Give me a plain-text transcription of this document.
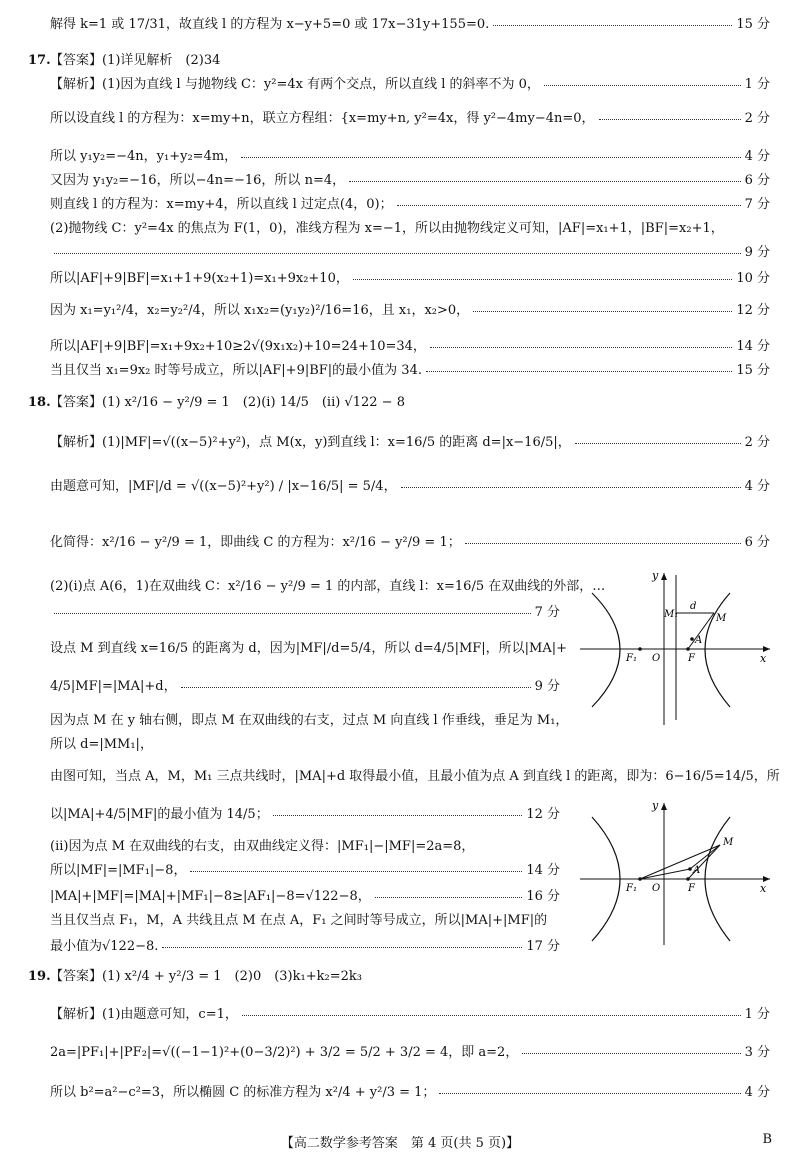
解得 k=1 或 17/31，故直线 l 的方程为 x−y+5=0 或 17x−31y+155=0.	15 分
17. 【答案】(1)详见解析　(2)34
【解析】(1)因为直线 l 与抛物线 C：y²=4x 有两个交点，所以直线 l 的斜率不为 0，	1 分
所以设直线 l 的方程为：x=my+n，联立方程组：{x=my+n, y²=4x，得 y²−4my−4n=0，	2 分
所以 y₁y₂=−4n，y₁+y₂=4m，	4 分
又因为 y₁y₂=−16，所以−4n=−16，所以 n=4，	6 分
则直线 l 的方程为：x=my+4，所以直线 l 过定点(4，0)；	7 分
(2)抛物线 C：y²=4x 的焦点为 F(1，0)，准线方程为 x=−1，所以由抛物线定义可知，|AF|=x₁+1，|BF|=x₂+1，
9 分
所以|AF|+9|BF|=x₁+1+9(x₂+1)=x₁+9x₂+10，	10 分
因为 x₁=y₁²/4，x₂=y₂²/4，所以 x₁x₂=(y₁y₂)²/16=16，且 x₁，x₂>0，	12 分
所以|AF|+9|BF|=x₁+9x₂+10≥2√(9x₁x₂)+10=24+10=34，	14 分
当且仅当 x₁=9x₂ 时等号成立，所以|AF|+9|BF|的最小值为 34.	15 分
18. 【答案】(1) x²/16 − y²/9 = 1　(2)(i) 14/5　(ii) √122 − 8
【解析】(1)|MF|=√((x−5)²+y²)，点 M(x，y)到直线 l：x=16/5 的距离 d=|x−16/5|，	2 分
由题意可知，|MF|/d = √((x−5)²+y²) / |x−16/5| = 5/4，	4 分
化简得：x²/16 − y²/9 = 1，即曲线 C 的方程为：x²/16 − y²/9 = 1；	6 分
(2)(i)点 A(6，1)在双曲线 C：x²/16 − y²/9 = 1 的内部，直线 l：x=16/5 在双曲线的外部，…
7 分
设点 M 到直线 x=16/5 的距离为 d，因为|MF|/d=5/4，所以 d=4/5|MF|，所以|MA|+
4/5|MF|=|MA|+d，	9 分
因为点 M 在 y 轴右侧，即点 M 在双曲线的右支，过点 M 向直线 l 作垂线，垂足为 M₁，
所以 d=|MM₁|，
由图可知，当点 A，M，M₁ 三点共线时，|MA|+d 取得最小值，且最小值为点 A 到直线 l 的距离，即为：6−16/5=14/5，所
以|MA|+4/5|MF|的最小值为 14/5；	12 分
(ii)因为点 M 在双曲线的右支，由双曲线定义得：|MF₁|−|MF|=2a=8，
所以|MF|=|MF₁|−8，	14 分
|MA|+|MF|=|MA|+|MF₁|−8≥|AF₁|−8=√122−8，	16 分
当且仅当点 F₁，M，A 共线且点 M 在点 A，F₁ 之间时等号成立，所以|MA|+|MF|的
最小值为√122−8.	17 分
19. 【答案】(1) x²/4 + y²/3 = 1　(2)0　(3)k₁+k₂=2k₃
【解析】(1)由题意可知，c=1，	1 分
2a=|PF₁|+|PF₂|=√((−1−1)²+(0−3/2)²) + 3/2 = 5/2 + 3/2 = 4，即 a=2，	3 分
所以 b²=a²−c²=3，所以椭圆 C 的标准方程为 x²/4 + y²/3 = 1；	4 分
y
x
M₁
d
M
A
F₁ O	F
y
x
M
A
F₁ O	F
【高二数学参考答案　第 4 页(共 5 页)】	B
